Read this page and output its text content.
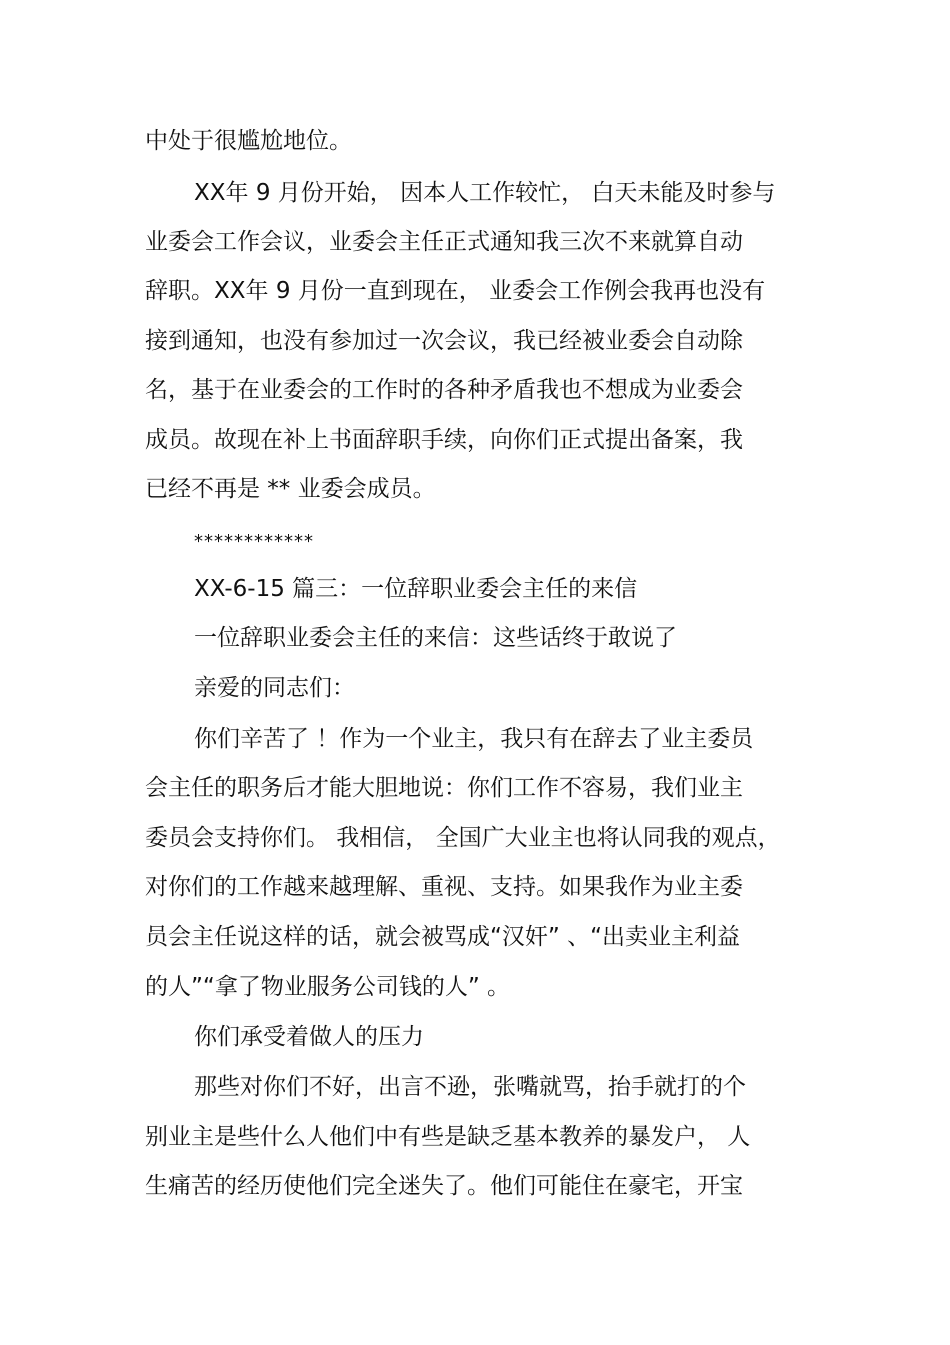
中处于很尴尬地位。

XX年 9 月份开始， 因本人工作较忙， 白天未能及时参与

业委会工作会议，业委会主任正式通知我三次不来就算自动

辞职。XX年 9 月份一直到现在， 业委会工作例会我再也没有

接到通知，也没有参加过一次会议，我已经被业委会自动除

名，基于在业委会的工作时的各种矛盾我也不想成为业委会

成员。故现在补上书面辞职手续，向你们正式提出备案，我

已经不再是 ** 业委会成员。

************

XX-6-15 篇三：一位辞职业委会主任的来信

一位辞职业委会主任的来信：这些话终于敢说了

亲爱的同志们：

你们辛苦了 ！作为一个业主，我只有在辞去了业主委员

会主任的职务后才能大胆地说：你们工作不容易，我们业主

委员会支持你们。 我相信， 全国广大业主也将认同我的观点，

对你们的工作越来越理解、重视、支持。如果我作为业主委

员会主任说这样的话，就会被骂成“汉奸” 、“出卖业主利益

的人”“拿了物业服务公司钱的人” 。

你们承受着做人的压力

那些对你们不好，出言不逊，张嘴就骂，抬手就打的个

别业主是些什么人他们中有些是缺乏基本教养的暴发户， 人

生痛苦的经历使他们完全迷失了。他们可能住在豪宅，开宝
